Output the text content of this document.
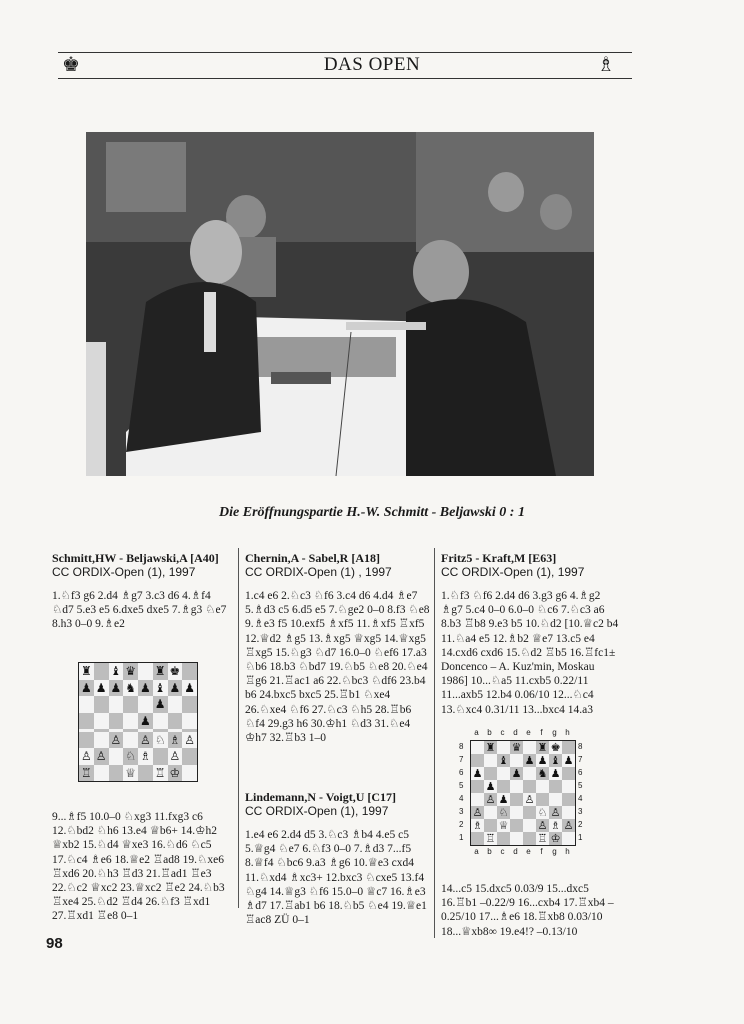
♚	♗
DAS OPEN
Die Eröffnungspartie H.-W. Schmitt - Beljawski 0 : 1
Schmitt,HW - Beljawski,A [A40]
CC ORDIX-Open (1), 1997
1.♘f3 g6 2.d4 ♗g7 3.c3 d6 4.♗f4 ♘d7 5.e3 e5 6.dxe5 dxe5 7.♗g3 ♘e7 8.h3 0–0 9.♗e2
♜ ♝ ♛ ♜ ♚
♟ ♟ ♟ ♞ ♟ ♝ ♟ ♟
♟
♟
♙ ♙ ♘ ♗ ♙
♙ ♙ ♘ ♗ ♙
♖	♕ ♖ ♔
9...♗f5 10.0–0 ♘xg3 11.fxg3 c6 12.♘bd2 ♘h6 13.e4 ♕b6+ 14.♔h2 ♕xb2 15.♘d4 ♕xe3 16.♘d6 ♘c5 17.♘c4 ♗e6 18.♕e2 ♖ad8 19.♘xe6 ♖xd6 20.♘h3 ♖d3 21.♖ad1 ♖e3 22.♘c2 ♕xc2 23.♕xc2 ♖e2 24.♘b3 ♖xe4 25.♘d2 ♖d4 26.♘f3 ♖xd1 27.♖xd1 ♖e8 0–1
98
Chernin,A - Sabel,R [A18]
CC ORDIX-Open (1) , 1997
1.c4 e6 2.♘c3 ♘f6 3.c4 d6 4.d4 ♗e7 5.♗d3 c5 6.d5 e5 7.♘ge2 0–0 8.f3 ♘e8 9.♗e3 f5 10.exf5 ♗xf5 11.♗xf5 ♖xf5 12.♕d2 ♗g5 13.♗xg5 ♕xg5 14.♕xg5 ♖xg5 15.♘g3 ♘d7 16.0–0 ♘ef6 17.a3 ♘b6 18.b3 ♘bd7 19.♘b5 ♘e8 20.♘e4 ♖g6 21.♖ac1 a6 22.♘bc3 ♘df6 23.b4 b6 24.bxc5 bxc5 25.♖b1 ♘xe4 26.♘xe4 ♘f6 27.♘c3 ♘h5 28.♖b6 ♘f4 29.g3 h6 30.♔h1 ♘d3 31.♘e4 ♔h7 32.♖b3 1–0
Lindemann,N - Voigt,U [C17]
CC ORDIX-Open (1), 1997
1.e4 e6 2.d4 d5 3.♘c3 ♗b4 4.e5 c5 5.♕g4 ♘e7 6.♘f3 0–0 7.♗d3 7...f5 8.♕f4 ♘bc6 9.a3 ♗g6 10.♕e3 cxd4 11.♘xd4 ♗xc3+ 12.bxc3 ♘cxe5 13.f4 ♘g4 14.♕g3 ♘f6 15.0–0 ♕c7 16.♗e3 ♗d7 17.♖ab1 b6 18.♘b5 ♘e4 19.♕e1 ♖ac8 ZÜ 0–1
Fritz5 - Kraft,M [E63]
CC ORDIX-Open (1), 1997
1.♘f3 ♘f6 2.d4 d6 3.g3 g6 4.♗g2 ♗g7 5.c4 0–0 6.0–0 ♘c6 7.♘c3 a6 8.b3 ♖b8 9.e3 b5 10.♘d2 [10.♕c2 b4 11.♘a4 e5 12.♗b2 ♕e7 13.c5 e4 14.cxd6 cxd6 15.♘d2 ♖b5 16.♖fc1± Doncenco – A. Kuz'min, Moskau 1986] 10...♘a5 11.cxb5 0.22/11 11...axb5 12.b4 0.06/10 12...♘c4 13.♘xc4 0.31/11 13...bxc4 14.a3
a	b	c	d	e	f	g	h
8
7
6
5
4
3
2
1
♜ ♛ ♜ ♚
♝ ♟ ♟ ♝ ♟
♟	♟ ♞ ♟
♟
♙ ♟ ♙
♙ ♘	♘ ♙
♗ ♕	♙ ♗ ♙
♖	♖ ♔
8
7
6
5
4
3
2
1
a	b	c	d	e	f	g	h
14...c5 15.dxc5 0.03/9 15...dxc5 16.♖b1 –0.22/9 16...cxb4 17.♖xb4 –0.25/10 17...♗e6 18.♖xb8 0.03/10 18...♕xb8∞ 19.e4!? –0.13/10
